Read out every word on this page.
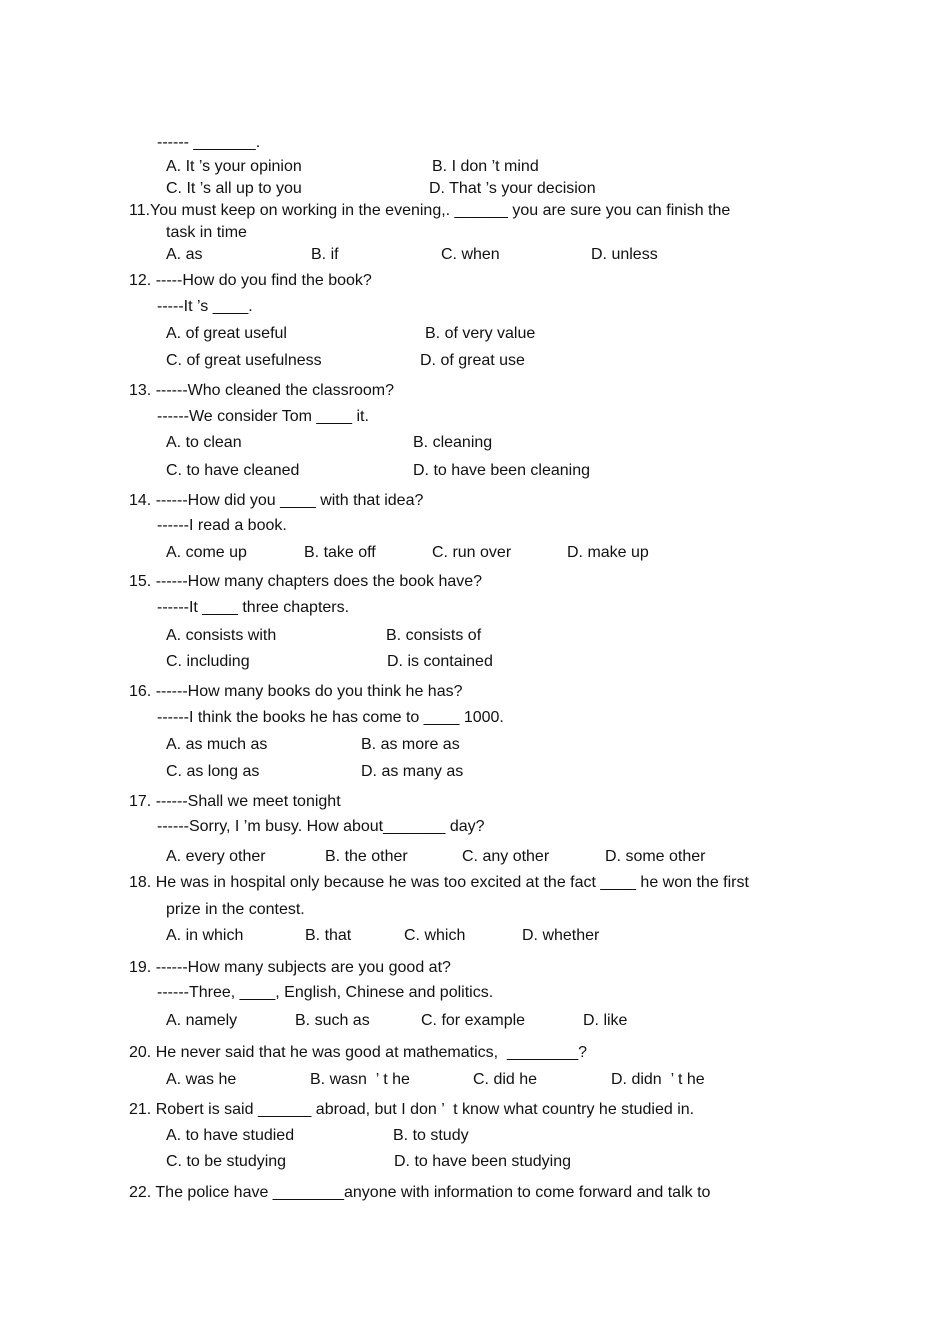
------ _______.
A. It ’s your opinion	B. I don ’t mind
C. It ’s all up to you	D. That ’s your decision
11.You must keep on working in the evening,. ______ you are sure you can finish the
task in time
A. as	B. if	C. when	D. unless
12. -----How do you find the book?
-----It ’s ____.
A. of great useful	B. of very value
C. of great usefulness	D. of great use
13. ------Who cleaned the classroom?
------We consider Tom ____ it.
A. to clean	B. cleaning
C. to have cleaned	D. to have been cleaning
14. ------How did you ____ with that idea?
------I read a book.
A. come up	B. take off	C. run over	D. make up
15. ------How many chapters does the book have?
------It ____ three chapters.
A. consists with	B. consists of
C. including	D. is contained
16. ------How many books do you think he has?
------I think the books he has come to ____ 1000.
A. as much as	B. as more as
C. as long as	D. as many as
17. ------Shall we meet tonight
------Sorry, I ’m busy. How about_______ day?
A. every other	B. the other	C. any other	D. some other
18. He was in hospital only because he was too excited at the fact ____ he won the first
prize in the contest.
A. in which	B. that	C. which	D. whether
19. ------How many subjects are you good at?
------Three, ____, English, Chinese and politics.
A. namely	B. such as	C. for example	D. like
20. He never said that he was good at mathematics,  ________?
A. was he	B. wasn  ’ t he	C. did he	D. didn  ’ t he
21. Robert is said ______ abroad, but I don ’  t know what country he studied in.
A. to have studied	B. to study
C. to be studying	D. to have been studying
22. The police have ________anyone with information to come forward and talk to
